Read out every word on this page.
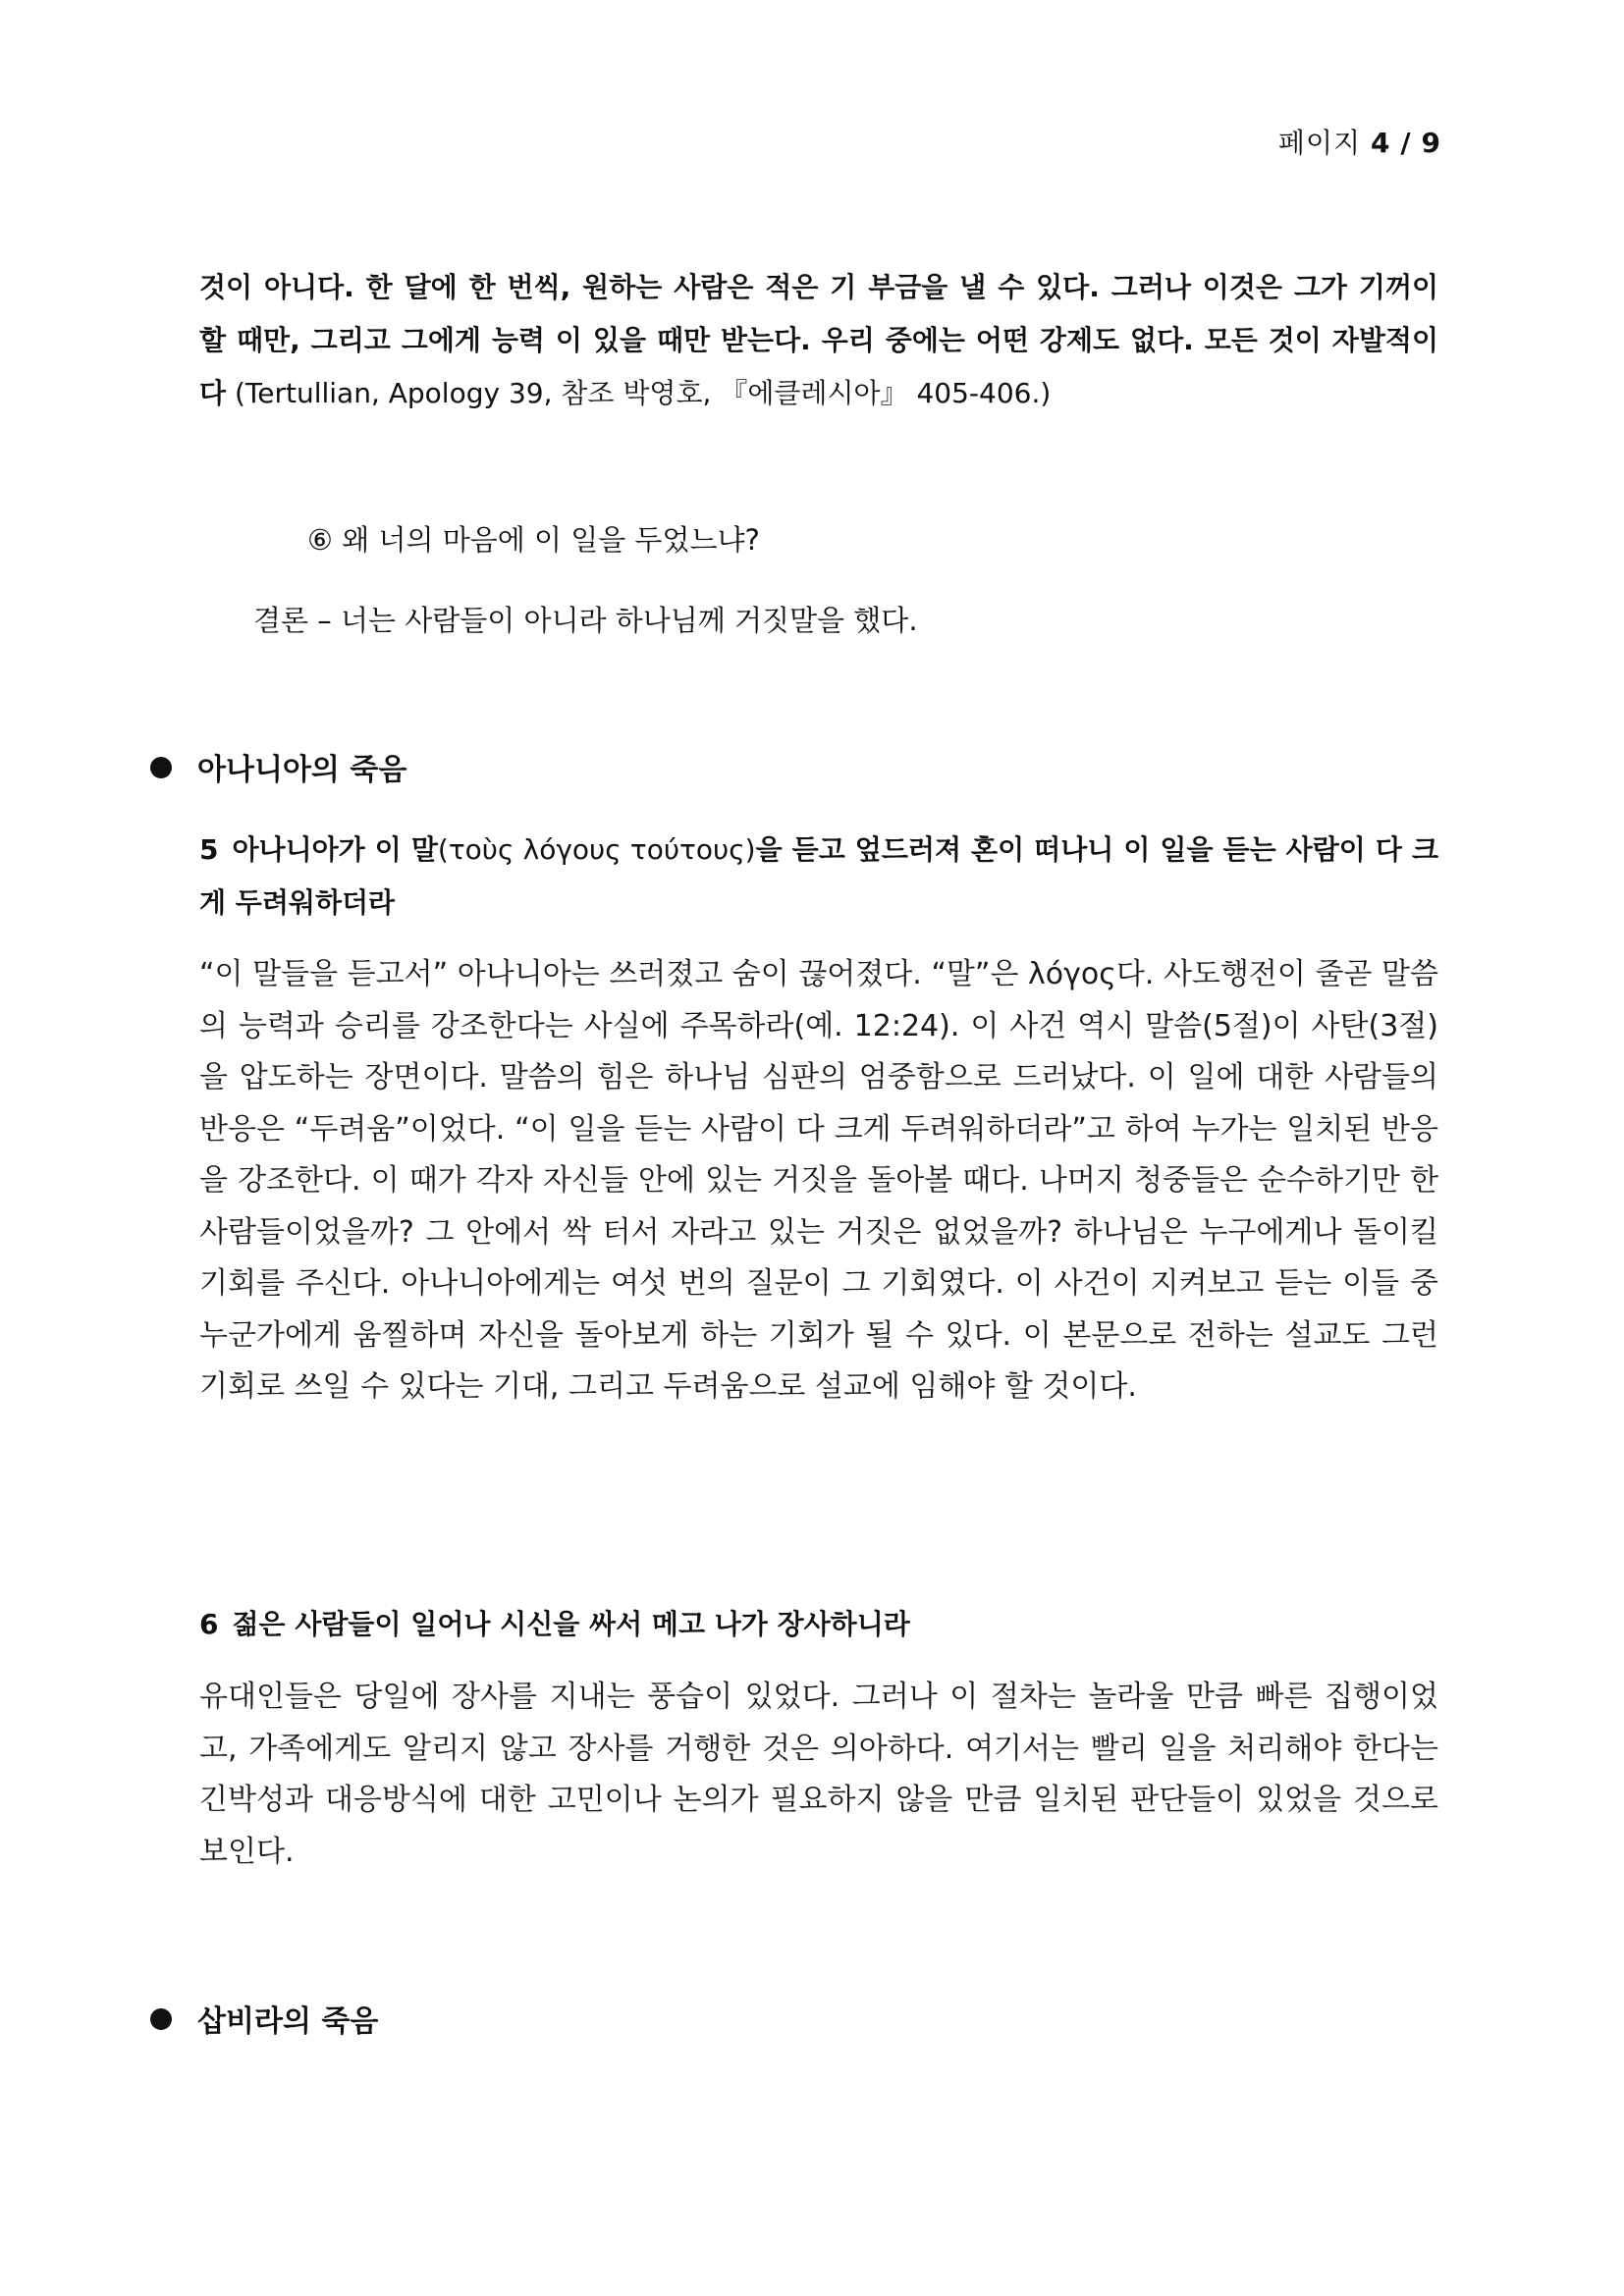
페이지 4 / 9
것이 아니다. 한 달에 한 번씩, 원하는 사람은 적은 기 부금을 낼 수 있다. 그러나 이것은 그가 기꺼이 할 때만, 그리고 그에게 능력 이 있을 때만 받는다. 우리 중에는 어떤 강제도 없다. 모든 것이 자발적이다 (Tertullian, Apology 39, 참조 박영호, 『에클레시아』 405-406.)
⑥ 왜 너의 마음에 이 일을 두었느냐?
결론 – 너는 사람들이 아니라 하나님께 거짓말을 했다.
아나니아의 죽음
5 아나니아가 이 말(τοὺς λόγους τούτους)을 듣고 엎드러져 혼이 떠나니 이 일을 듣는 사람이 다 크게 두려워하더라
“이 말들을 듣고서” 아나니아는 쓰러졌고 숨이 끊어졌다. “말”은 λόγος다. 사도행전이 줄곧 말씀의 능력과 승리를 강조한다는 사실에 주목하라(예. 12:24). 이 사건 역시 말씀(5절)이 사탄(3절)을 압도하는 장면이다. 말씀의 힘은 하나님 심판의 엄중함으로 드러났다. 이 일에 대한 사람들의 반응은 “두려움”이었다. “이 일을 듣는 사람이 다 크게 두려워하더라”고 하여 누가는 일치된 반응을 강조한다. 이 때가 각자 자신들 안에 있는 거짓을 돌아볼 때다. 나머지 청중들은 순수하기만 한 사람들이었을까? 그 안에서 싹 터서 자라고 있는 거짓은 없었을까? 하나님은 누구에게나 돌이킬 기회를 주신다. 아나니아에게는 여섯 번의 질문이 그 기회였다. 이 사건이 지켜보고 듣는 이들 중 누군가에게 움찔하며 자신을 돌아보게 하는 기회가 될 수 있다. 이 본문으로 전하는 설교도 그런 기회로 쓰일 수 있다는 기대, 그리고 두려움으로 설교에 임해야 할 것이다.
6 젊은 사람들이 일어나 시신을 싸서 메고 나가 장사하니라
유대인들은 당일에 장사를 지내는 풍습이 있었다. 그러나 이 절차는 놀라울 만큼 빠른 집행이었고, 가족에게도 알리지 않고 장사를 거행한 것은 의아하다. 여기서는 빨리 일을 처리해야 한다는 긴박성과 대응방식에 대한 고민이나 논의가 필요하지 않을 만큼 일치된 판단들이 있었을 것으로 보인다.
삽비라의 죽음
